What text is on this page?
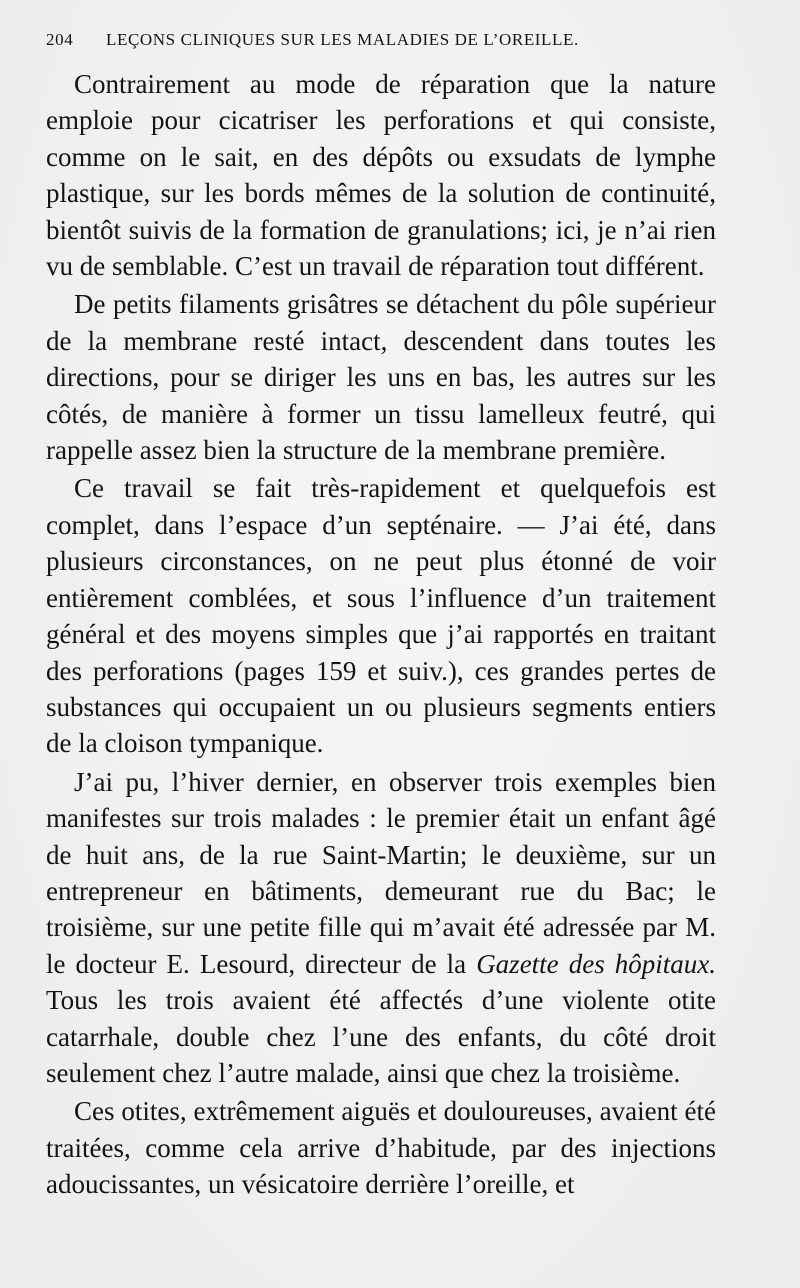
204	LEÇONS CLINIQUES SUR LES MALADIES DE L’OREILLE.

Contrairement au mode de réparation que la nature emploie pour cicatriser les perforations et qui consiste, comme on le sait, en des dépôts ou exsudats de lymphe plastique, sur les bords mêmes de la solution de continuité, bientôt suivis de la formation de granulations; ici, je n’ai rien vu de semblable. C’est un travail de réparation tout différent.

De petits filaments grisâtres se détachent du pôle supérieur de la membrane resté intact, descendent dans toutes les directions, pour se diriger les uns en bas, les autres sur les côtés, de manière à former un tissu lamelleux feutré, qui rappelle assez bien la structure de la membrane première.

Ce travail se fait très-rapidement et quelquefois est complet, dans l’espace d’un septénaire. — J’ai été, dans plusieurs circonstances, on ne peut plus étonné de voir entièrement comblées, et sous l’influence d’un traitement général et des moyens simples que j’ai rapportés en traitant des perforations (pages 159 et suiv.), ces grandes pertes de substances qui occupaient un ou plusieurs segments entiers de la cloison tympanique.

J’ai pu, l’hiver dernier, en observer trois exemples bien manifestes sur trois malades : le premier était un enfant âgé de huit ans, de la rue Saint-Martin; le deuxième, sur un entrepreneur en bâtiments, demeurant rue du Bac; le troisième, sur une petite fille qui m’avait été adressée par M. le docteur E. Lesourd, directeur de la Gazette des hôpitaux. Tous les trois avaient été affectés d’une violente otite catarrhale, double chez l’une des enfants, du côté droit seulement chez l’autre malade, ainsi que chez la troisième.

Ces otites, extrêmement aiguës et douloureuses, avaient été traitées, comme cela arrive d’habitude, par des injections adoucissantes, un vésicatoire derrière l’oreille, et
